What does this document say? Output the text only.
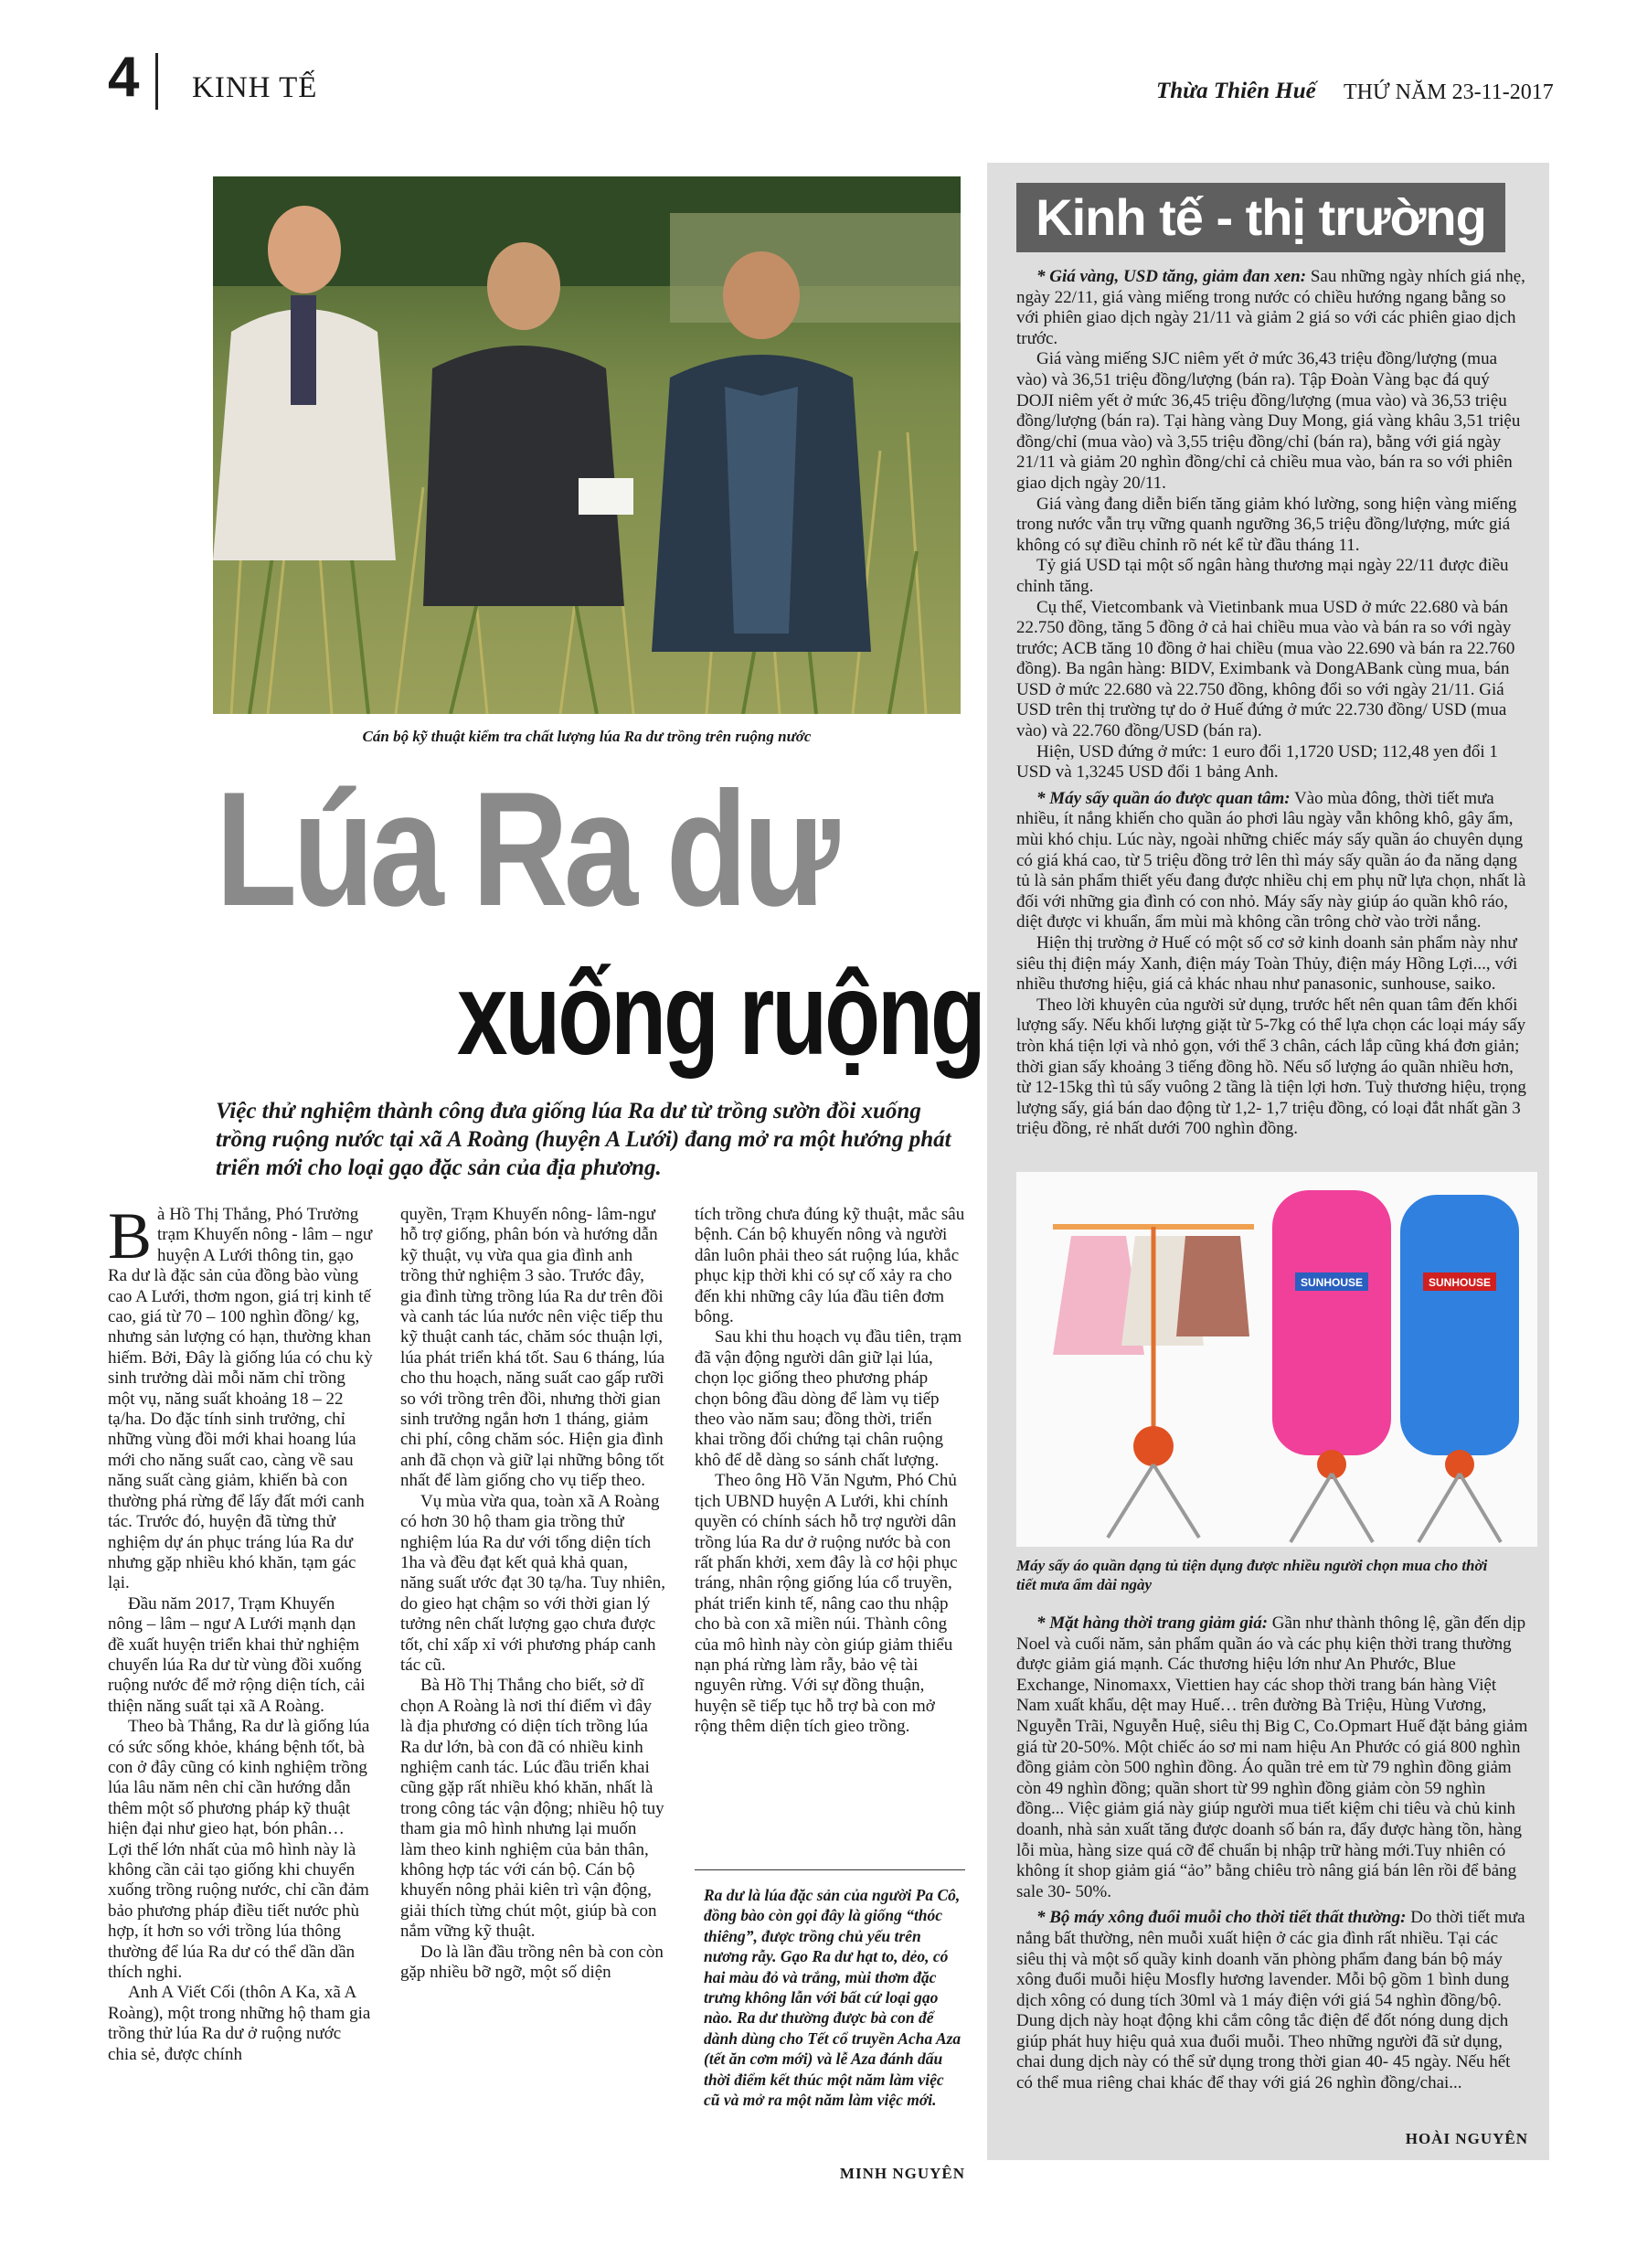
4 KINH TẾ	Thừa Thiên Huế THỨ NĂM 23-11-2017
Cán bộ kỹ thuật kiểm tra chất lượng lúa Ra dư trồng trên ruộng nước
Lúa Ra dư
xuống ruộng
Việc thử nghiệm thành công đưa giống lúa Ra dư từ trồng sườn đồi xuống trồng ruộng nước tại xã A Roàng (huyện A Lưới) đang mở ra một hướng phát triển mới cho loại gạo đặc sản của địa phương.

Bà Hồ Thị Thắng, Phó Trưởng trạm Khuyến nông - lâm – ngư huyện A Lưới thông tin, gạo Ra dư là đặc sản của đồng bào vùng cao A Lưới, thơm ngon, giá trị kinh tế cao, giá từ 70 – 100 nghìn đồng/ kg, nhưng sản lượng có hạn, thường khan hiếm. Bởi, Đây là giống lúa có chu kỳ sinh trưởng dài mỗi năm chỉ trồng một vụ, năng suất khoảng 18 – 22 tạ/ha. Do đặc tính sinh trưởng, chỉ những vùng đồi mới khai hoang lúa mới cho năng suất cao, càng về sau năng suất càng giảm, khiến bà con thường phá rừng để lấy đất mới canh tác. Trước đó, huyện đã từng thử nghiệm dự án phục tráng lúa Ra dư nhưng gặp nhiều khó khăn, tạm gác lại.

Đầu năm 2017, Trạm Khuyến nông – lâm – ngư A Lưới mạnh dạn đề xuất huyện triển khai thử nghiệm chuyển lúa Ra dư từ vùng đồi xuống ruộng nước để mở rộng diện tích, cải thiện năng suất tại xã A Roàng.

Theo bà Thắng, Ra dư là giống lúa có sức sống khỏe, kháng bệnh tốt, bà con ở đây cũng có kinh nghiệm trồng lúa lâu năm nên chỉ cần hướng dẫn thêm một số phương pháp kỹ thuật hiện đại như gieo hạt, bón phân… Lợi thế lớn nhất của mô hình này là không cần cải tạo giống khi chuyển xuống trồng ruộng nước, chỉ cần đảm bảo phương pháp điều tiết nước phù hợp, ít hơn so với trồng lúa thông thường để lúa Ra dư có thể dần dần thích nghi.

Anh A Viết Cối (thôn A Ka, xã A Roàng), một trong những hộ tham gia trồng thử lúa Ra dư ở ruộng nước chia sẻ, được chính

quyền, Trạm Khuyến nông- lâm-ngư hỗ trợ giống, phân bón và hướng dẫn kỹ thuật, vụ vừa qua gia đình anh trồng thử nghiệm 3 sào. Trước đây, gia đình từng trồng lúa Ra dư trên đồi và canh tác lúa nước nên việc tiếp thu kỹ thuật canh tác, chăm sóc thuận lợi, lúa phát triển khá tốt. Sau 6 tháng, lúa cho thu hoạch, năng suất cao gấp rưỡi so với trồng trên đồi, nhưng thời gian sinh trưởng ngắn hơn 1 tháng, giảm chi phí, công chăm sóc. Hiện gia đình anh đã chọn và giữ lại những bông tốt nhất để làm giống cho vụ tiếp theo.

Vụ mùa vừa qua, toàn xã A Roàng có hơn 30 hộ tham gia trồng thử nghiệm lúa Ra dư với tổng diện tích 1ha và đều đạt kết quả khả quan, năng suất ước đạt 30 tạ/ha. Tuy nhiên, do gieo hạt chậm so với thời gian lý tưởng nên chất lượng gạo chưa được tốt, chỉ xấp xỉ với phương pháp canh tác cũ.

Bà Hồ Thị Thắng cho biết, sở dĩ chọn A Roàng là nơi thí điểm vì đây là địa phương có diện tích trồng lúa Ra dư lớn, bà con đã có nhiều kinh nghiệm canh tác. Lúc đầu triển khai cũng gặp rất nhiều khó khăn, nhất là trong công tác vận động; nhiều hộ tuy tham gia mô hình nhưng lại muốn làm theo kinh nghiệm của bản thân, không hợp tác với cán bộ. Cán bộ khuyến nông phải kiên trì vận động, giải thích từng chút một, giúp bà con nắm vững kỹ thuật.

Do là lần đầu trồng nên bà con còn gặp nhiều bỡ ngỡ, một số diện

tích trồng chưa đúng kỹ thuật, mắc sâu bệnh. Cán bộ khuyến nông và người dân luôn phải theo sát ruộng lúa, khắc phục kịp thời khi có sự cố xảy ra cho đến khi những cây lúa đầu tiên đơm bông.

Sau khi thu hoạch vụ đầu tiên, trạm đã vận động người dân giữ lại lúa, chọn lọc giống theo phương pháp chọn bông đầu dòng để làm vụ tiếp theo vào năm sau; đồng thời, triển khai trồng đối chứng tại chân ruộng khô để dễ dàng so sánh chất lượng.

Theo ông Hồ Văn Ngưm, Phó Chủ tịch UBND huyện A Lưới, khi chính quyền có chính sách hỗ trợ người dân trồng lúa Ra dư ở ruộng nước bà con rất phấn khởi, xem đây là cơ hội phục tráng, nhân rộng giống lúa cổ truyền, phát triển kinh tế, nâng cao thu nhập cho bà con xã miền núi. Thành công của mô hình này còn giúp giảm thiểu nạn phá rừng làm rẫy, bảo vệ tài nguyên rừng. Với sự đồng thuận, huyện sẽ tiếp tục hỗ trợ bà con mở rộng thêm diện tích gieo trồng.

Ra dư là lúa đặc sản của người Pa Cô, đồng bào còn gọi đây là giống “thóc thiêng”, được trồng chủ yếu trên nương rẫy. Gạo Ra dư hạt to, dẻo, có hai màu đỏ và trắng, mùi thơm đặc trưng không lẫn với bất cứ loại gạo nào. Ra dư thường được bà con để dành dùng cho Tết cổ truyền Acha Aza (tết ăn cơm mới) và lễ Aza đánh dấu thời điểm kết thúc một năm làm việc cũ và mở ra một năm làm việc mới.
MINH NGUYÊN
Kinh tế - thị trường

* Giá vàng, USD tăng, giảm đan xen: Sau những ngày nhích giá nhẹ, ngày 22/11, giá vàng miếng trong nước có chiều hướng ngang bằng so với phiên giao dịch ngày 21/11 và giảm 2 giá so với các phiên giao dịch trước.

Giá vàng miếng SJC niêm yết ở mức 36,43 triệu đồng/lượng (mua vào) và 36,51 triệu đồng/lượng (bán ra). Tập Đoàn Vàng bạc đá quý DOJI niêm yết ở mức 36,45 triệu đồng/lượng (mua vào) và 36,53 triệu đồng/lượng (bán ra). Tại hàng vàng Duy Mong, giá vàng khâu 3,51 triệu đồng/chỉ (mua vào) và 3,55 triệu đồng/chỉ (bán ra), bằng với giá ngày 21/11 và giảm 20 nghìn đồng/chỉ cả chiều mua vào, bán ra so với phiên giao dịch ngày 20/11.

Giá vàng đang diễn biến tăng giảm khó lường, song hiện vàng miếng trong nước vẫn trụ vững quanh ngưỡng 36,5 triệu đồng/lượng, mức giá không có sự điều chỉnh rõ nét kể từ đầu tháng 11.

Tỷ giá USD tại một số ngân hàng thương mại ngày 22/11 được điều chỉnh tăng.

Cụ thể, Vietcombank và Vietinbank mua USD ở mức 22.680 và bán 22.750 đồng, tăng 5 đồng ở cả hai chiều mua vào và bán ra so với ngày trước; ACB tăng 10 đồng ở hai chiều (mua vào 22.690 và bán ra 22.760 đồng). Ba ngân hàng: BIDV, Eximbank và DongABank cùng mua, bán USD ở mức 22.680 và 22.750 đồng, không đổi so với ngày 21/11. Giá USD trên thị trường tự do ở Huế đứng ở mức 22.730 đồng/ USD (mua vào) và 22.760 đồng/USD (bán ra).

Hiện, USD đứng ở mức: 1 euro đổi 1,1720 USD; 112,48 yen đổi 1 USD và 1,3245 USD đổi 1 bảng Anh.

* Máy sấy quần áo được quan tâm: Vào mùa đông, thời tiết mưa nhiều, ít nắng khiến cho quần áo phơi lâu ngày vẫn không khô, gây ẩm, mùi khó chịu. Lúc này, ngoài những chiếc máy sấy quần áo chuyên dụng có giá khá cao, từ 5 triệu đồng trở lên thì máy sấy quần áo đa năng dạng tủ là sản phẩm thiết yếu đang được nhiều chị em phụ nữ lựa chọn, nhất là đối với những gia đình có con nhỏ. Máy sấy này giúp áo quần khô ráo, diệt được vi khuẩn, ẩm mùi mà không cần trông chờ vào trời nắng.

Hiện thị trường ở Huế có một số cơ sở kinh doanh sản phẩm này như siêu thị điện máy Xanh, điện máy Toàn Thủy, điện máy Hồng Lợi..., với nhiều thương hiệu, giá cả khác nhau như panasonic, sunhouse, saiko.

Theo lời khuyên của người sử dụng, trước hết nên quan tâm đến khối lượng sấy. Nếu khối lượng giặt từ 5-7kg có thể lựa chọn các loại máy sấy tròn khá tiện lợi và nhỏ gọn, với thể 3 chân, cách lắp cũng khá đơn giản; thời gian sấy khoảng 3 tiếng đồng hồ. Nếu số lượng áo quần nhiều hơn, từ 12-15kg thì tủ sấy vuông 2 tầng là tiện lợi hơn. Tuỳ thương hiệu, trọng lượng sấy, giá bán dao động từ 1,2- 1,7 triệu đồng, có loại đắt nhất gần 3 triệu đồng, rẻ nhất dưới 700 nghìn đồng.

SUNHOUSE	SUNHOUSE
Máy sấy áo quần dạng tủ tiện dụng được nhiều người chọn mua cho thời tiết mưa ẩm dài ngày

* Mặt hàng thời trang giảm giá: Gần như thành thông lệ, gần đến dịp Noel và cuối năm, sản phẩm quần áo và các phụ kiện thời trang thường được giảm giá mạnh. Các thương hiệu lớn như An Phước, Blue Exchange, Ninomaxx, Viettien hay các shop thời trang bán hàng Việt Nam xuất khẩu, dệt may Huế… trên đường Bà Triệu, Hùng Vương, Nguyễn Trãi, Nguyễn Huệ, siêu thị Big C, Co.Opmart Huế đặt bảng giảm giá từ 20-50%. Một chiếc áo sơ mi nam hiệu An Phước có giá 800 nghìn đồng giảm còn 500 nghìn đồng. Áo quần trẻ em từ 79 nghìn đồng giảm còn 49 nghìn đồng; quần short từ 99 nghìn đồng giảm còn 59 nghìn đồng... Việc giảm giá này giúp người mua tiết kiệm chi tiêu và chủ kinh doanh, nhà sản xuất tăng được doanh số bán ra, đẩy được hàng tồn, hàng lỗi mùa, hàng size quá cỡ để chuẩn bị nhập trữ hàng mới.Tuy nhiên có không ít shop giảm giá “ảo” bằng chiêu trò nâng giá bán lên rồi để bảng sale 30- 50%.

* Bộ máy xông đuổi muỗi cho thời tiết thất thường: Do thời tiết mưa nắng bất thường, nên muỗi xuất hiện ở các gia đình rất nhiều. Tại các siêu thị và một số quầy kinh doanh văn phòng phẩm đang bán bộ máy xông đuổi muỗi hiệu Mosfly hương lavender. Mỗi bộ gồm 1 bình dung dịch xông có dung tích 30ml và 1 máy điện với giá 54 nghìn đồng/bộ. Dung dịch này hoạt động khi cắm công tắc điện để đốt nóng dung dịch giúp phát huy hiệu quả xua đuổi muỗi. Theo những người đã sử dụng, chai dung dịch này có thể sử dụng trong thời gian 40- 45 ngày. Nếu hết có thể mua riêng chai khác để thay với giá 26 nghìn đồng/chai...

HOÀI NGUYÊN
